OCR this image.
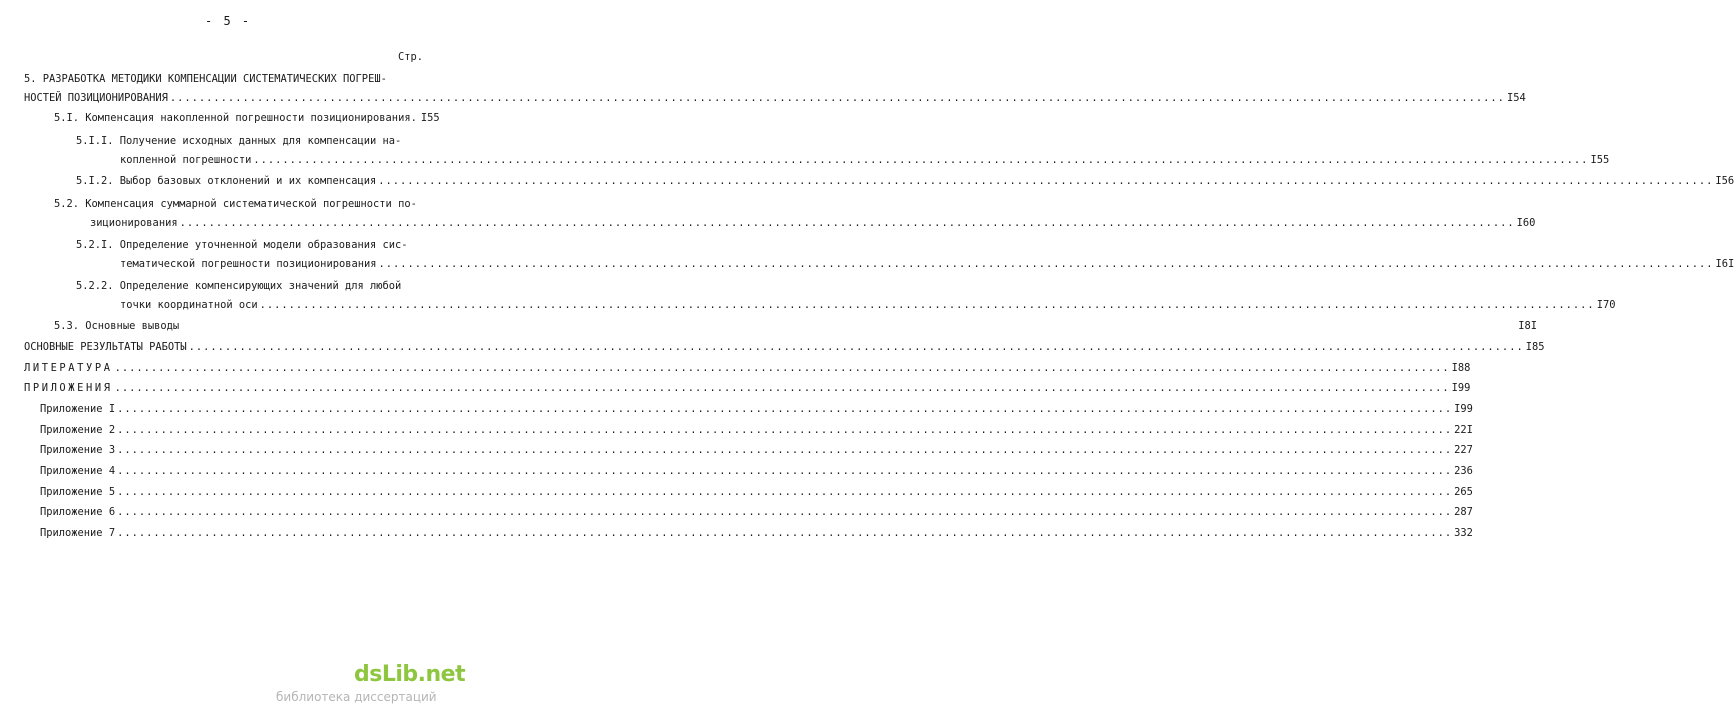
- 5 -
Стр.
5. РАЗРАБОТКА МЕТОДИКИ КОМПЕНСАЦИИ СИСТЕМАТИЧЕСКИХ ПОГРЕШ-
НОСТЕЙ ПОЗИЦИОНИРОВАНИЯ .....	I54
5.I. Компенсация накопленной погрешности позиционирования. I55
5.I.I. Получение исходных данных для компенсации на-
копленной погрешности .....	I55
5.I.2. Выбор базовых отклонений и их компенсация .....	I56
5.2. Компенсация суммарной систематической погрешности по-
зиционирования .....	I60
5.2.I. Определение уточненной модели образования сис-
тематической погрешности позиционирования .....	I6I
5.2.2. Определение компенсирующих значений для любой
точки координатной оси .....	I70
5.3. Основные выводы	I8I
ОСНОВНЫЕ РЕЗУЛЬТАТЫ РАБОТЫ .....	I85
ЛИТЕРАТУРА .....	I88
ПРИЛОЖЕНИЯ .....	I99
Приложение I .....	I99
Приложение 2 .....	22I
Приложение 3 .....	227
Приложение 4 .....	236
Приложение 5 .....	265
Приложение 6 .....	287
Приложение 7 .....	332
dsLib.net
библиотека диссертаций
